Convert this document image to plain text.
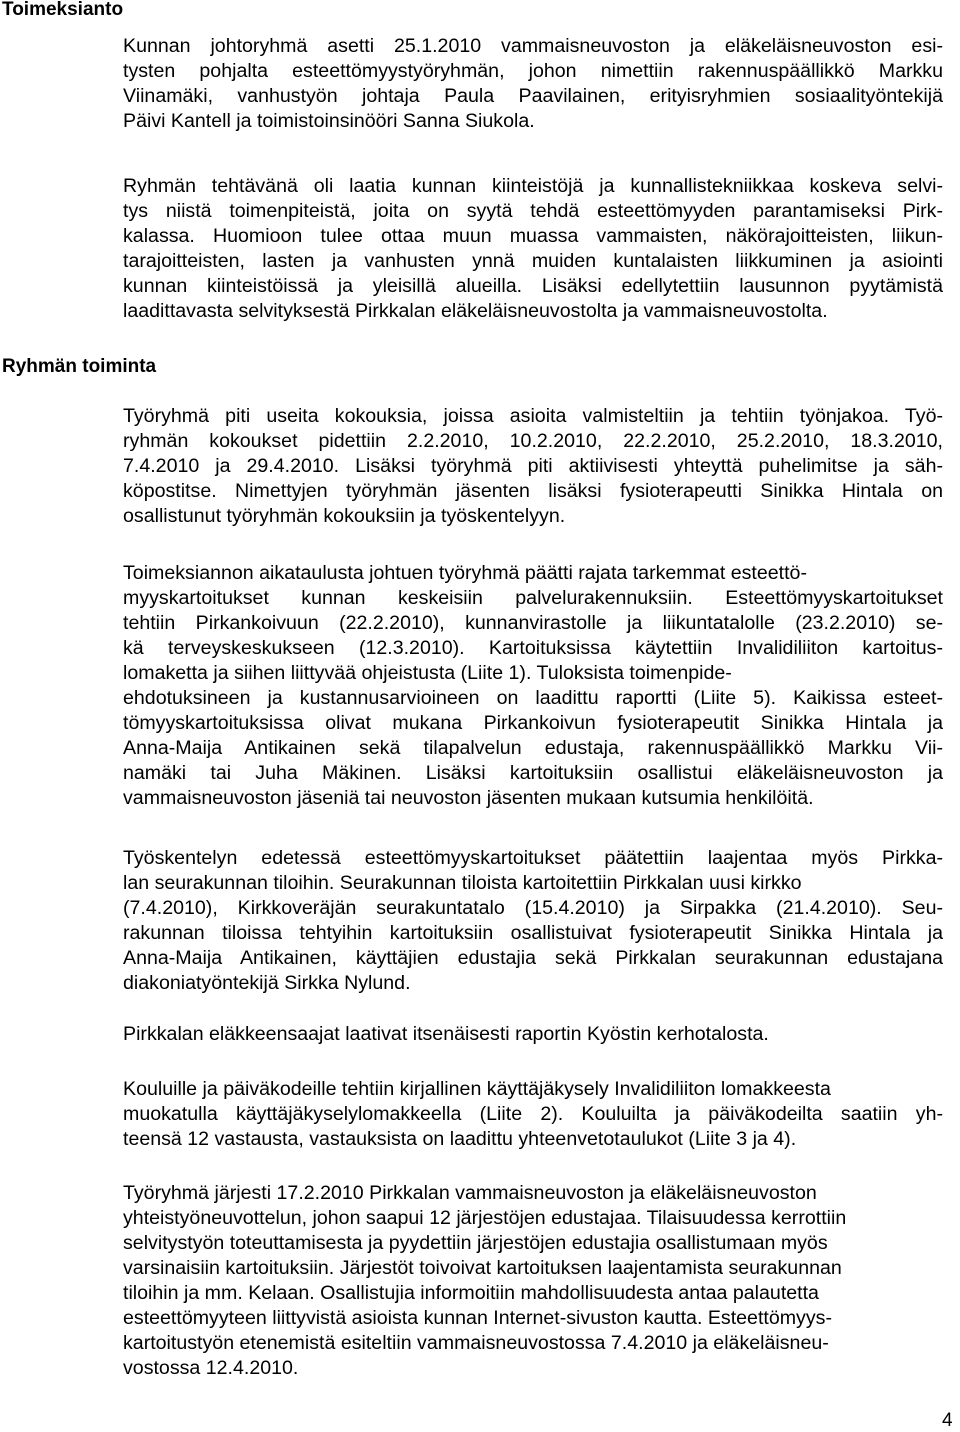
Toimeksianto
Ryhmän toiminta
Kunnan johtoryhmä asetti 25.1.2010 vammaisneuvoston ja eläkeläisneuvoston esi-
tysten pohjalta esteettömyystyöryhmän, johon nimettiin rakennuspäällikkö Markku
Viinamäki, vanhustyön johtaja Paula Paavilainen, erityisryhmien sosiaalityöntekijä
Päivi Kantell ja toimistoinsinööri Sanna Siukola.
Ryhmän tehtävänä oli laatia kunnan kiinteistöjä ja kunnallistekniikkaa koskeva selvi-
tys niistä toimenpiteistä, joita on syytä tehdä esteettömyyden parantamiseksi Pirk-
kalassa. Huomioon tulee ottaa muun muassa vammaisten, näkörajoitteisten, liikun-
tarajoitteisten, lasten ja vanhusten ynnä muiden kuntalaisten liikkuminen ja asiointi
kunnan kiinteistöissä ja yleisillä alueilla. Lisäksi edellytettiin lausunnon pyytämistä
laadittavasta selvityksestä Pirkkalan eläkeläisneuvostolta ja vammaisneuvostolta.
Työryhmä piti useita kokouksia, joissa asioita valmisteltiin ja tehtiin työnjakoa. Työ-
ryhmän kokoukset pidettiin 2.2.2010, 10.2.2010, 22.2.2010, 25.2.2010, 18.3.2010,
7.4.2010 ja 29.4.2010. Lisäksi työryhmä piti aktiivisesti yhteyttä puhelimitse ja säh-
köpostitse. Nimettyjen työryhmän jäsenten lisäksi fysioterapeutti Sinikka Hintala on
osallistunut työryhmän kokouksiin ja työskentelyyn.
Toimeksiannon aikataulusta johtuen työryhmä päätti rajata tarkemmat esteettö-
myyskartoitukset kunnan keskeisiin palvelurakennuksiin. Esteettömyyskartoitukset
tehtiin Pirkankoivuun (22.2.2010), kunnanvirastolle ja liikuntatalolle (23.2.2010) se-
kä terveyskeskukseen (12.3.2010). Kartoituksissa käytettiin Invalidiliiton kartoitus-
lomaketta ja siihen liittyvää ohjeistusta (Liite 1). Tuloksista toimenpide-
ehdotuksineen ja kustannusarvioineen on laadittu raportti (Liite 5). Kaikissa esteet-
tömyyskartoituksissa olivat mukana Pirkankoivun fysioterapeutit Sinikka Hintala ja
Anna-Maija Antikainen sekä tilapalvelun edustaja, rakennuspäällikkö Markku Vii-
namäki tai Juha Mäkinen. Lisäksi kartoituksiin osallistui eläkeläisneuvoston ja
vammaisneuvoston jäseniä tai neuvoston jäsenten mukaan kutsumia henkilöitä.
Työskentelyn edetessä esteettömyyskartoitukset päätettiin laajentaa myös Pirkka-
lan seurakunnan tiloihin. Seurakunnan tiloista kartoitettiin Pirkkalan uusi kirkko
(7.4.2010), Kirkkoveräjän seurakuntatalo (15.4.2010) ja Sirpakka (21.4.2010). Seu-
rakunnan tiloissa tehtyihin kartoituksiin osallistuivat fysioterapeutit Sinikka Hintala ja
Anna-Maija Antikainen, käyttäjien edustajia sekä Pirkkalan seurakunnan edustajana
diakoniatyöntekijä Sirkka Nylund.
Pirkkalan eläkkeensaajat laativat itsenäisesti raportin Kyöstin kerhotalosta.
Kouluille ja päiväkodeille tehtiin kirjallinen käyttäjäkysely Invalidiliiton lomakkeesta
muokatulla käyttäjäkyselylomakkeella (Liite 2). Kouluilta ja päiväkodeilta saatiin yh-
teensä 12 vastausta, vastauksista on laadittu yhteenvetotaulukot (Liite 3 ja 4).
Työryhmä järjesti 17.2.2010 Pirkkalan vammaisneuvoston ja eläkeläisneuvoston
yhteistyöneuvottelun, johon saapui 12 järjestöjen edustajaa. Tilaisuudessa kerrottiin
selvitystyön toteuttamisesta ja pyydettiin järjestöjen edustajia osallistumaan myös
varsinaisiin kartoituksiin. Järjestöt toivoivat kartoituksen laajentamista seurakunnan
tiloihin ja mm. Kelaan. Osallistujia informoitiin mahdollisuudesta antaa palautetta
esteettömyyteen liittyvistä asioista kunnan Internet-sivuston kautta. Esteettömyys-
kartoitustyön etenemistä esiteltiin vammaisneuvostossa 7.4.2010 ja eläkeläisneu-
vostossa 12.4.2010.

4
